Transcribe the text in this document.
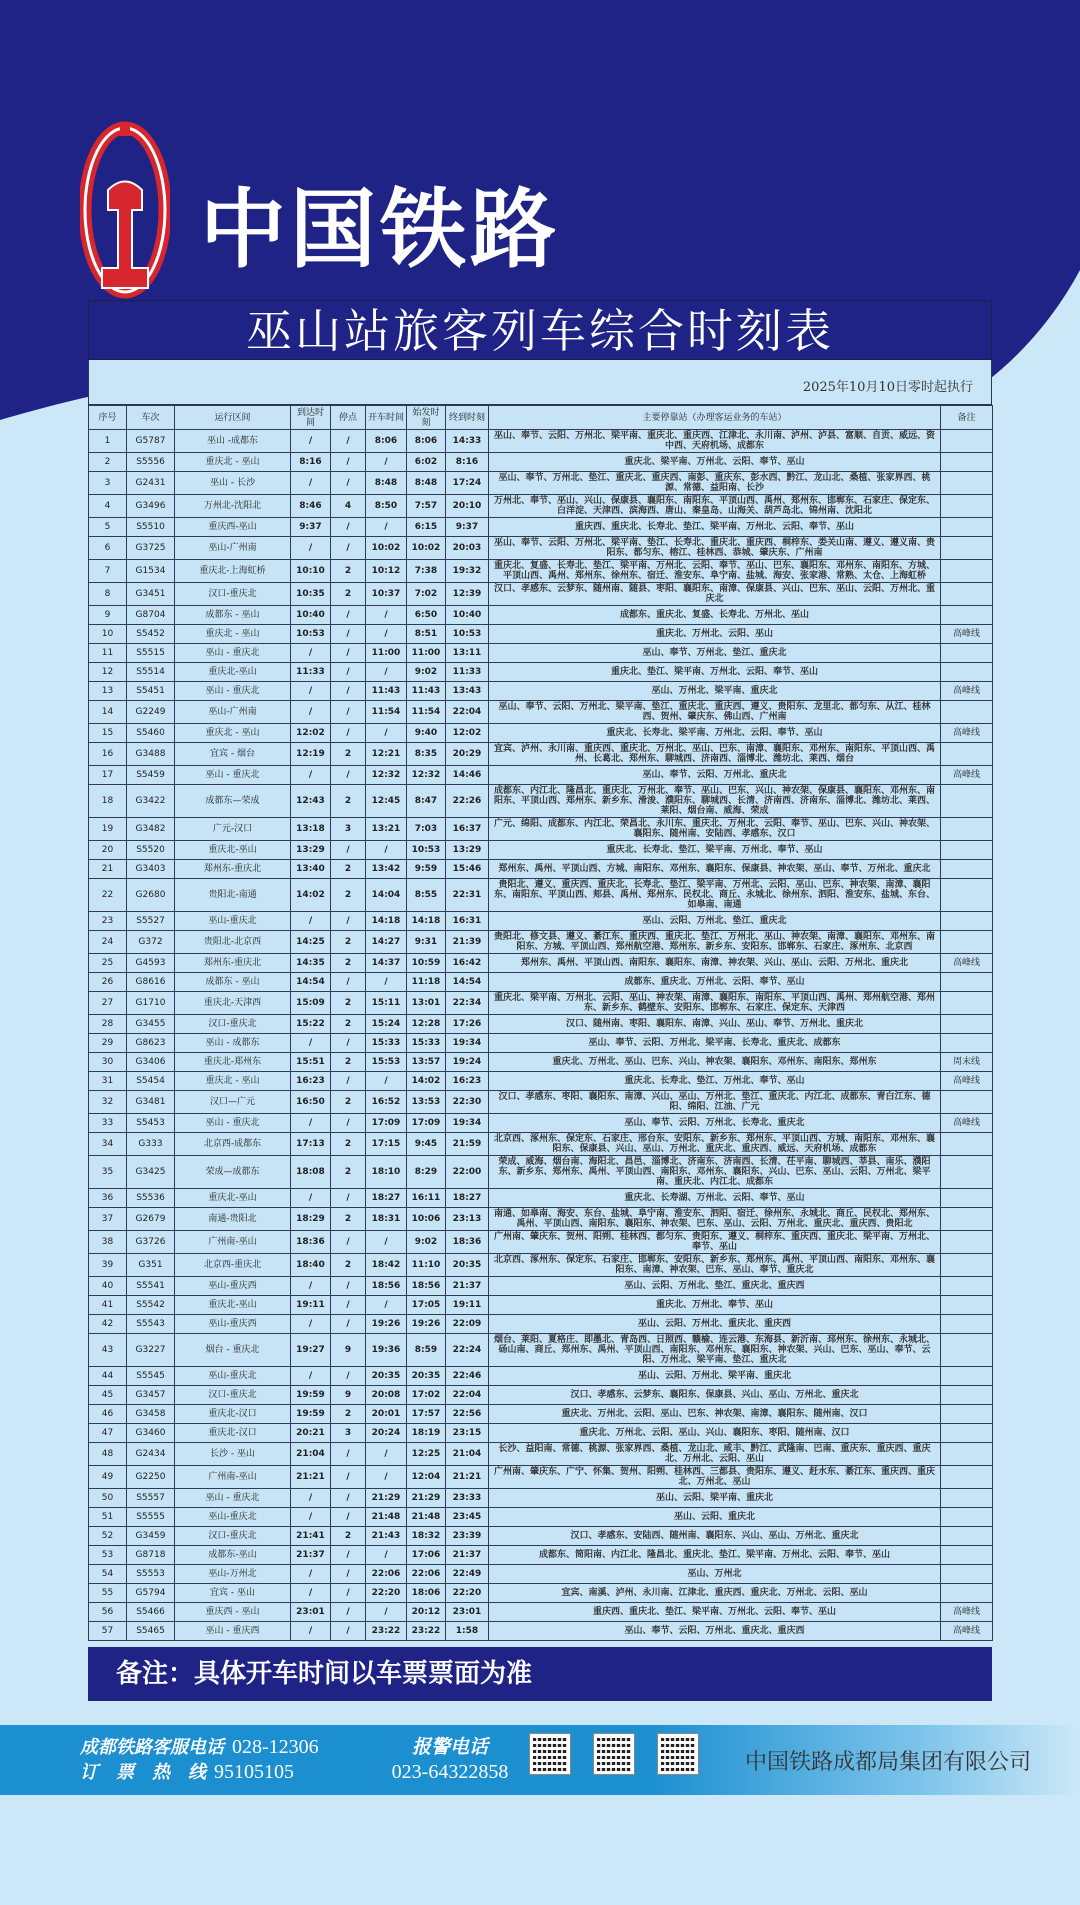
中国铁路
巫山站旅客列车综合时刻表
2025年10月10日零时起执行
序号	车次	运行区间	到达时间	停点	开车时间	始发时刻	终到时刻	主要停靠站（办理客运业务的车站）	备注
1	G5787	巫山 -成都东	/	/	8:06	8:06	14:33	巫山、奉节、云阳、万州北、梁平南、重庆北、重庆西、江津北、永川南、泸州、泸县、富顺、自贡、威远、资中西、天府机场、成都东	
2	S5556	重庆北 - 巫山	8:16	/	/	6:02	8:16	重庆北、梁平南、万州北、云阳、奉节、巫山	
3	G2431	巫山 - 长沙	/	/	8:48	8:48	17:24	巫山、奉节、万州北、垫江、重庆北、重庆西、南彭、重庆东、彭水西、黔江、龙山北、桑植、张家界西、桃源、常德、益阳南、长沙	
4	G3496	万州北-沈阳北	8:46	4	8:50	7:57	20:10	万州北、奉节、巫山、兴山、保康县、襄阳东、南阳东、平顶山西、禹州、郑州东、邯郸东、石家庄、保定东、白洋淀、天津西、滨海西、唐山、秦皇岛、山海关、葫芦岛北、锦州南、沈阳北	
5	S5510	重庆西-巫山	9:37	/	/	6:15	9:37	重庆西、重庆北、长寿北、垫江、梁平南、万州北、云阳、奉节、巫山	
6	G3725	巫山-广州南	/	/	10:02	10:02	20:03	巫山、奉节、云阳、万州北、梁平南、垫江、长寿北、重庆北、重庆西、桐梓东、娄关山南、遵义、遵义南、贵阳东、都匀东、榕江、桂林西、恭城、肇庆东、广州南	
7	G1534	重庆北-上海虹桥	10:10	2	10:12	7:38	19:32	重庆北、复盛、长寿北、垫江、梁平南、万州北、云阳、奉节、巫山、巴东、襄阳东、邓州东、南阳东、方城、平顶山西、禹州、郑州东、徐州东、宿迁、淮安东、阜宁南、盐城、海安、张家港、常熟、太仓、上海虹桥	
8	G3451	汉口-重庆北	10:35	2	10:37	7:02	12:39	汉口、孝感东、云梦东、随州南、随县、枣阳、襄阳东、南漳、保康县、兴山、巴东、巫山、云阳、万州北、重庆北	
9	G8704	成都东 - 巫山	10:40	/	/	6:50	10:40	成都东、重庆北、复盛、长寿北、万州北、巫山	
10	S5452	重庆北 - 巫山	10:53	/	/	8:51	10:53	重庆北、万州北、云阳、巫山	高峰线
11	S5515	巫山 - 重庆北	/	/	11:00	11:00	13:11	巫山、奉节、万州北、垫江、重庆北	
12	S5514	重庆北-巫山	11:33	/	/	9:02	11:33	重庆北、垫江、梁平南、万州北、云阳、奉节、巫山	
13	S5451	巫山 - 重庆北	/	/	11:43	11:43	13:43	巫山、万州北、梁平南、重庆北	高峰线
14	G2249	巫山-广州南	/	/	11:54	11:54	22:04	巫山、奉节、云阳、万州北、梁平南、垫江、重庆北、重庆西、遵义、贵阳东、龙里北、都匀东、从江、桂林西、贺州、肇庆东、佛山西、广州南	
15	S5460	重庆北 - 巫山	12:02	/	/	9:40	12:02	重庆北、长寿北、梁平南、万州北、云阳、奉节、巫山	高峰线
16	G3488	宜宾 - 烟台	12:19	2	12:21	8:35	20:29	宜宾、泸州、永川南、重庆西、重庆北、万州北、巫山、巴东、南漳、襄阳东、邓州东、南阳东、平顶山西、禹州、长葛北、郑州东、聊城西、济南西、淄博北、潍坊北、莱西、烟台	
17	S5459	巫山 - 重庆北	/	/	12:32	12:32	14:46	巫山、奉节、云阳、万州北、重庆北	高峰线
18	G3422	成都东—荣成	12:43	2	12:45	8:47	22:26	成都东、内江北、隆昌北、重庆北、万州北、奉节、巫山、巴东、兴山、神农架、保康县、襄阳东、邓州东、南阳东、平顶山西、郑州东、新乡东、滑浚、濮阳东、聊城西、长清、济南西、济南东、淄博北、潍坊北、莱西、莱阳、烟台南、威海、荣成	
19	G3482	广元-汉口	13:18	3	13:21	7:03	16:37	广元、绵阳、成都东、内江北、荣昌北、永川东、重庆北、万州北、云阳、奉节、巫山、巴东、兴山、神农架、襄阳东、随州南、安陆西、孝感东、汉口	
20	S5520	重庆北-巫山	13:29	/	/	10:53	13:29	重庆北、长寿北、垫江、梁平南、万州北、奉节、巫山	
21	G3403	郑州东-重庆北	13:40	2	13:42	9:59	15:46	郑州东、禹州、平顶山西、方城、南阳东、邓州东、襄阳东、保康县、神农架、巫山、奉节、万州北、重庆北	
22	G2680	贵阳北-南通	14:02	2	14:04	8:55	22:31	贵阳北、遵义、重庆西、重庆北、长寿北、垫江、梁平南、万州北、云阳、巫山、巴东、神农架、南漳、襄阳东、南阳东、平顶山西、郏县、禹州、郑州东、民权北、商丘、永城北、徐州东、泗阳、淮安东、盐城、东台、如皋南、南通	
23	S5527	巫山-重庆北	/	/	14:18	14:18	16:31	巫山、云阳、万州北、垫江、重庆北	
24	G372	贵阳北-北京西	14:25	2	14:27	9:31	21:39	贵阳北、修文县、遵义、綦江东、重庆西、重庆北、垫江、万州北、巫山、神农架、南漳、襄阳东、邓州东、南阳东、方城、平顶山西、郑州航空港、郑州东、新乡东、安阳东、邯郸东、石家庄、涿州东、北京西	
25	G4593	郑州东-重庆北	14:35	2	14:37	10:59	16:42	郑州东、禹州、平顶山西、南阳东、襄阳东、南漳、神农架、兴山、巫山、云阳、万州北、重庆北	高峰线
26	G8616	成都东 - 巫山	14:54	/	/	11:18	14:54	成都东、重庆北、万州北、云阳、奉节、巫山	
27	G1710	重庆北-天津西	15:09	2	15:11	13:01	22:34	重庆北、梁平南、万州北、云阳、巫山、神农架、南漳、襄阳东、南阳东、平顶山西、禹州、郑州航空港、郑州东、新乡东、鹤壁东、安阳东、邯郸东、石家庄、保定东、天津西	
28	G3455	汉口-重庆北	15:22	2	15:24	12:28	17:26	汉口、随州南、枣阳、襄阳东、南漳、兴山、巫山、奉节、万州北、重庆北	
29	G8623	巫山 - 成都东	/	/	15:33	15:33	19:34	巫山、奉节、云阳、万州北、梁平南、长寿北、重庆北、成都东	
30	G3406	重庆北-郑州东	15:51	2	15:53	13:57	19:24	重庆北、万州北、巫山、巴东、兴山、神农架、襄阳东、邓州东、南阳东、郑州东	周末线
31	S5454	重庆北 - 巫山	16:23	/	/	14:02	16:23	重庆北、长寿北、垫江、万州北、奉节、巫山	高峰线
32	G3481	汉口—广元	16:50	2	16:52	13:53	22:30	汉口、孝感东、枣阳、襄阳东、南漳、兴山、巫山、万州北、垫江、重庆北、内江北、成都东、青白江东、德阳、绵阳、江油、广元	
33	S5453	巫山 - 重庆北	/	/	17:09	17:09	19:34	巫山、奉节、云阳、万州北、长寿北、重庆北	高峰线
34	G333	北京西-成都东	17:13	2	17:15	9:45	21:59	北京西、涿州东、保定东、石家庄、邢台东、安阳东、新乡东、郑州东、平顶山西、方城、南阳东、邓州东、襄阳东、保康县、兴山、巫山、万州北、重庆北、重庆西、威远、天府机场、成都东	
35	G3425	荣成—成都东	18:08	2	18:10	8:29	22:00	荣成、威海、烟台南、海阳北、昌邑、淄博北、济南东、济南西、长清、茌平南、聊城西、莘县、南乐、濮阳东、新乡东、郑州东、禹州、平顶山西、南阳东、邓州东、襄阳东、兴山、巴东、巫山、云阳、万州北、梁平南、重庆北、内江北、成都东	
36	S5536	重庆北-巫山	/	/	18:27	16:11	18:27	重庆北、长寿湖、万州北、云阳、奉节、巫山	
37	G2679	南通-贵阳北	18:29	2	18:31	10:06	23:13	南通、如皋南、海安、东台、盐城、阜宁南、淮安东、泗阳、宿迁、徐州东、永城北、商丘、民权北、郑州东、禹州、平顶山西、南阳东、襄阳东、神农架、巴东、巫山、云阳、万州北、重庆北、重庆西、贵阳北	
38	G3726	广州南-巫山	18:36	/	/	9:02	18:36	广州南、肇庆东、贺州、阳朔、桂林西、都匀东、贵阳东、遵义、桐梓东、重庆西、重庆北、梁平南、万州北、奉节、巫山	
39	G351	北京西-重庆北	18:40	2	18:42	11:10	20:35	北京西、涿州东、保定东、石家庄、邯郸东、安阳东、新乡东、郑州东、禹州、平顶山西、南阳东、邓州东、襄阳东、南漳、神农架、巴东、巫山、奉节、重庆北	
40	S5541	巫山-重庆西	/	/	18:56	18:56	21:37	巫山、云阳、万州北、垫江、重庆北、重庆西	
41	S5542	重庆北-巫山	19:11	/	/	17:05	19:11	重庆北、万州北、奉节、巫山	
42	S5543	巫山-重庆西	/	/	19:26	19:26	22:09	巫山、云阳、万州北、重庆北、重庆西	
43	G3227	烟台 - 重庆北	19:27	9	19:36	8:59	22:24	烟台、莱阳、夏格庄、即墨北、青岛西、日照西、赣榆、连云港、东海县、新沂南、邳州东、徐州东、永城北、砀山南、商丘、郑州东、禹州、平顶山西、南阳东、邓州东、襄阳东、神农架、兴山、巴东、巫山、奉节、云阳、万州北、梁平南、垫江、重庆北	
44	S5545	巫山-重庆北	/	/	20:35	20:35	22:46	巫山、云阳、万州北、梁平南、重庆北	
45	G3457	汉口-重庆北	19:59	9	20:08	17:02	22:04	汉口、孝感东、云梦东、襄阳东、保康县、兴山、巫山、万州北、重庆北	
46	G3458	重庆北-汉口	19:59	2	20:01	17:57	22:56	重庆北、万州北、云阳、巫山、巴东、神农架、南漳、襄阳东、随州南、汉口	
47	G3460	重庆北-汉口	20:21	3	20:24	18:19	23:15	重庆北、万州北、云阳、巫山、兴山、襄阳东、枣阳、随州南、汉口	
48	G2434	长沙 - 巫山	21:04	/	/	12:25	21:04	长沙、益阳南、常德、桃源、张家界西、桑植、龙山北、咸丰、黔江、武隆南、巴南、重庆东、重庆西、重庆北、万州北、云阳、巫山	
49	G2250	广州南-巫山	21:21	/	/	12:04	21:21	广州南、肇庆东、广宁、怀集、贺州、阳朔、桂林西、三都县、贵阳东、遵义、赶水东、綦江东、重庆西、重庆北、万州北、巫山	
50	S5557	巫山 - 重庆北	/	/	21:29	21:29	23:33	巫山、云阳、梁平南、重庆北	
51	S5555	巫山-重庆北	/	/	21:48	21:48	23:45	巫山、云阳、重庆北	
52	G3459	汉口-重庆北	21:41	2	21:43	18:32	23:39	汉口、孝感东、安陆西、随州南、襄阳东、兴山、巫山、万州北、重庆北	
53	G8718	成都东-巫山	21:37	/	/	17:06	21:37	成都东、简阳南、内江北、隆昌北、重庆北、垫江、梁平南、万州北、云阳、奉节、巫山	
54	S5553	巫山-万州北	/	/	22:06	22:06	22:49	巫山、万州北	
55	G5794	宜宾 - 巫山	/	/	22:20	18:06	22:20	宜宾、南溪、泸州、永川南、江津北、重庆西、重庆北、万州北、云阳、巫山	
56	S5466	重庆西 - 巫山	23:01	/	/	20:12	23:01	重庆西、重庆北、垫江、梁平南、万州北、云阳、奉节、巫山	高峰线
57	S5465	巫山 - 重庆西	/	/	23:22	23:22	1:58	巫山、奉节、云阳、万州北、重庆北、重庆西	高峰线
备注：具体开车时间以车票票面为准
成都铁路客服电话 028-12306
订　票　热　线 95105105
报警电话
023-64322858	中国铁路成都局集团有限公司
